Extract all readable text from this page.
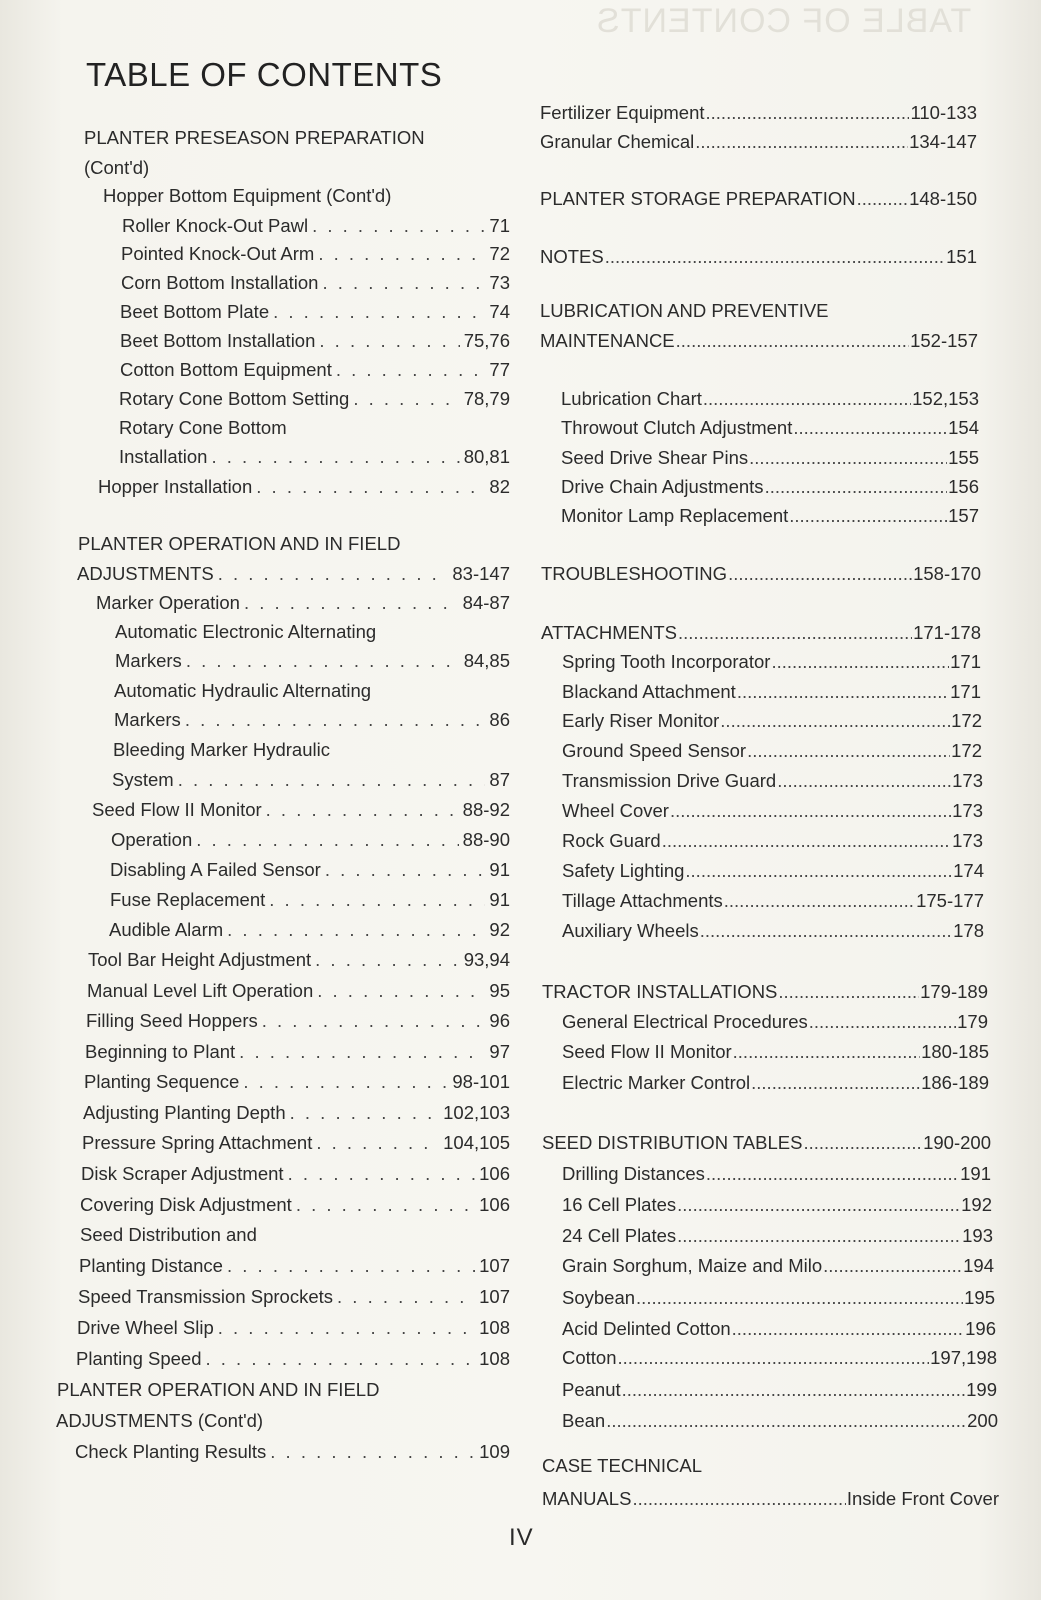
TABLE OF CONTENTS
TABLE OF CONTENTS
PLANTER PRESEASON PREPARATION
(Cont'd)
Hopper Bottom Equipment (Cont'd)
Roller Knock-Out Pawl . . .	71
Pointed Knock-Out Arm . . .	72
Corn Bottom Installation . . .	73
Beet Bottom Plate . . .	74
Beet Bottom Installation . . .	75,76
Cotton Bottom Equipment . . .	77
Rotary Cone Bottom Setting . . .	78,79
Rotary Cone Bottom
Installation . . .	80,81
Hopper Installation . . .	82
PLANTER OPERATION AND IN FIELD
ADJUSTMENTS . . .	83-147
Marker Operation . . .	84-87
Automatic Electronic Alternating
Markers . . .	84,85
Automatic Hydraulic Alternating
Markers . . .	86
Bleeding Marker Hydraulic
System . . .	87
Seed Flow II Monitor . . .	88-92
Operation . . .	88-90
Disabling A Failed Sensor . . .	91
Fuse Replacement . . .	91
Audible Alarm . . .	92
Tool Bar Height Adjustment . . .	93,94
Manual Level Lift Operation . . .	95
Filling Seed Hoppers . . .	96
Beginning to Plant . . .	97
Planting Sequence . . .	98-101
Adjusting Planting Depth . . .	102,103
Pressure Spring Attachment . . .	104,105
Disk Scraper Adjustment . . .	106
Covering Disk Adjustment . . .	106
Seed Distribution and
Planting Distance . . .	107
Speed Transmission Sprockets . . .	107
Drive Wheel Slip . . .	108
Planting Speed . . .	108
PLANTER OPERATION AND IN FIELD
ADJUSTMENTS (Cont'd)
Check Planting Results . . .	109
Fertilizer Equipment .....	110-133
Granular Chemical .....	134-147
PLANTER STORAGE PREPARATION .....	148-150
NOTES .....	151
LUBRICATION AND PREVENTIVE
MAINTENANCE .....	152-157
Lubrication Chart .....	152,153
Throwout Clutch Adjustment .....	154
Seed Drive Shear Pins .....	155
Drive Chain Adjustments .....	156
Monitor Lamp Replacement .....	157
TROUBLESHOOTING .....	158-170
ATTACHMENTS .....	171-178
Spring Tooth Incorporator .....	171
Blackand Attachment .....	171
Early Riser Monitor .....	172
Ground Speed Sensor .....	172
Transmission Drive Guard .....	173
Wheel Cover .....	173
Rock Guard .....	173
Safety Lighting .....	174
Tillage Attachments .....	175-177
Auxiliary Wheels .....	178
TRACTOR INSTALLATIONS .....	179-189
General Electrical Procedures .....	179
Seed Flow II Monitor .....	180-185
Electric Marker Control .....	186-189
SEED DISTRIBUTION TABLES .....	190-200
Drilling Distances .....	191
16 Cell Plates .....	192
24 Cell Plates .....	193
Grain Sorghum, Maize and Milo .....	194
Soybean .....	195
Acid Delinted Cotton .....	196
Cotton .....	197,198
Peanut .....	199
Bean .....	200
CASE TECHNICAL
MANUALS .....	Inside Front Cover
IV
